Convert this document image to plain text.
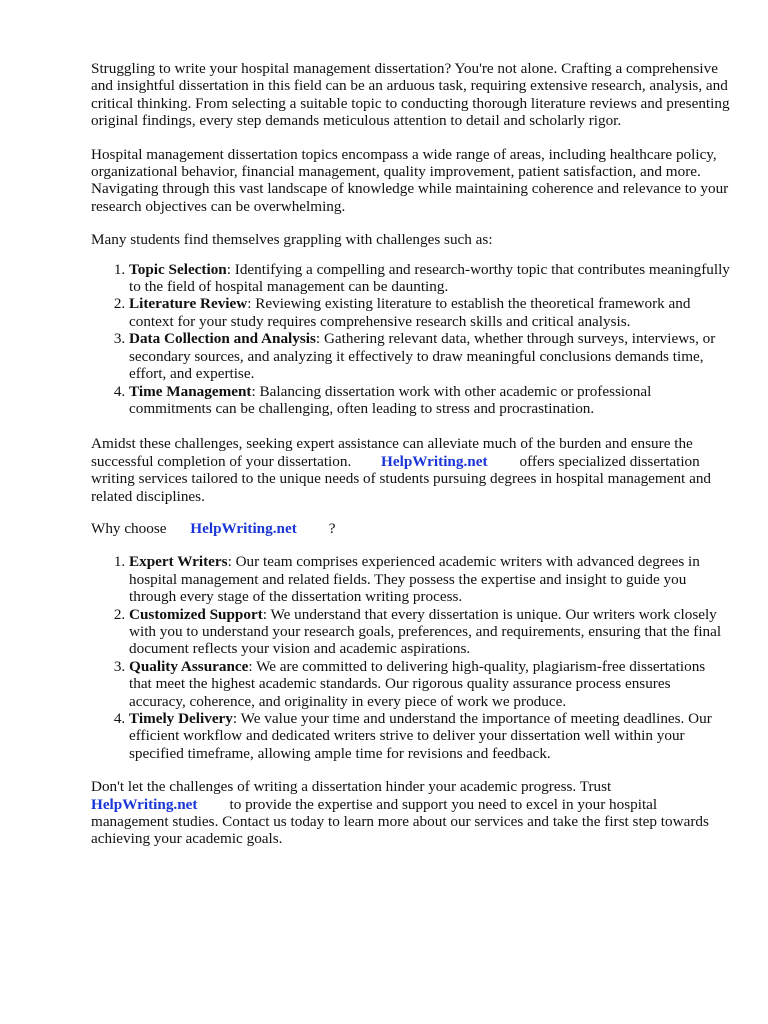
Struggling to write your hospital management dissertation? You're not alone. Crafting a comprehensive and insightful dissertation in this field can be an arduous task, requiring extensive research, analysis, and critical thinking. From selecting a suitable topic to conducting thorough literature reviews and presenting original findings, every step demands meticulous attention to detail and scholarly rigor.

Hospital management dissertation topics encompass a wide range of areas, including healthcare policy, organizational behavior, financial management, quality improvement, patient satisfaction, and more. Navigating through this vast landscape of knowledge while maintaining coherence and relevance to your research objectives can be overwhelming.

Many students find themselves grappling with challenges such as:

1. Topic Selection: Identifying a compelling and research-worthy topic that contributes meaningfully to the field of hospital management can be daunting.
2. Literature Review: Reviewing existing literature to establish the theoretical framework and context for your study requires comprehensive research skills and critical analysis.
3. Data Collection and Analysis: Gathering relevant data, whether through surveys, interviews, or secondary sources, and analyzing it effectively to draw meaningful conclusions demands time, effort, and expertise.
4. Time Management: Balancing dissertation work with other academic or professional commitments can be challenging, often leading to stress and procrastination.

Amidst these challenges, seeking expert assistance can alleviate much of the burden and ensure the successful completion of your dissertation. HelpWriting.net offers specialized dissertation writing services tailored to the unique needs of students pursuing degrees in hospital management and related disciplines.

Why choose HelpWriting.net ?

1. Expert Writers: Our team comprises experienced academic writers with advanced degrees in hospital management and related fields. They possess the expertise and insight to guide you through every stage of the dissertation writing process.
2. Customized Support: We understand that every dissertation is unique. Our writers work closely with you to understand your research goals, preferences, and requirements, ensuring that the final document reflects your vision and academic aspirations.
3. Quality Assurance: We are committed to delivering high-quality, plagiarism-free dissertations that meet the highest academic standards. Our rigorous quality assurance process ensures accuracy, coherence, and originality in every piece of work we produce.
4. Timely Delivery: We value your time and understand the importance of meeting deadlines. Our efficient workflow and dedicated writers strive to deliver your dissertation well within your specified timeframe, allowing ample time for revisions and feedback.

Don't let the challenges of writing a dissertation hinder your academic progress. Trust HelpWriting.net to provide the expertise and support you need to excel in your hospital management studies. Contact us today to learn more about our services and take the first step towards achieving your academic goals.
